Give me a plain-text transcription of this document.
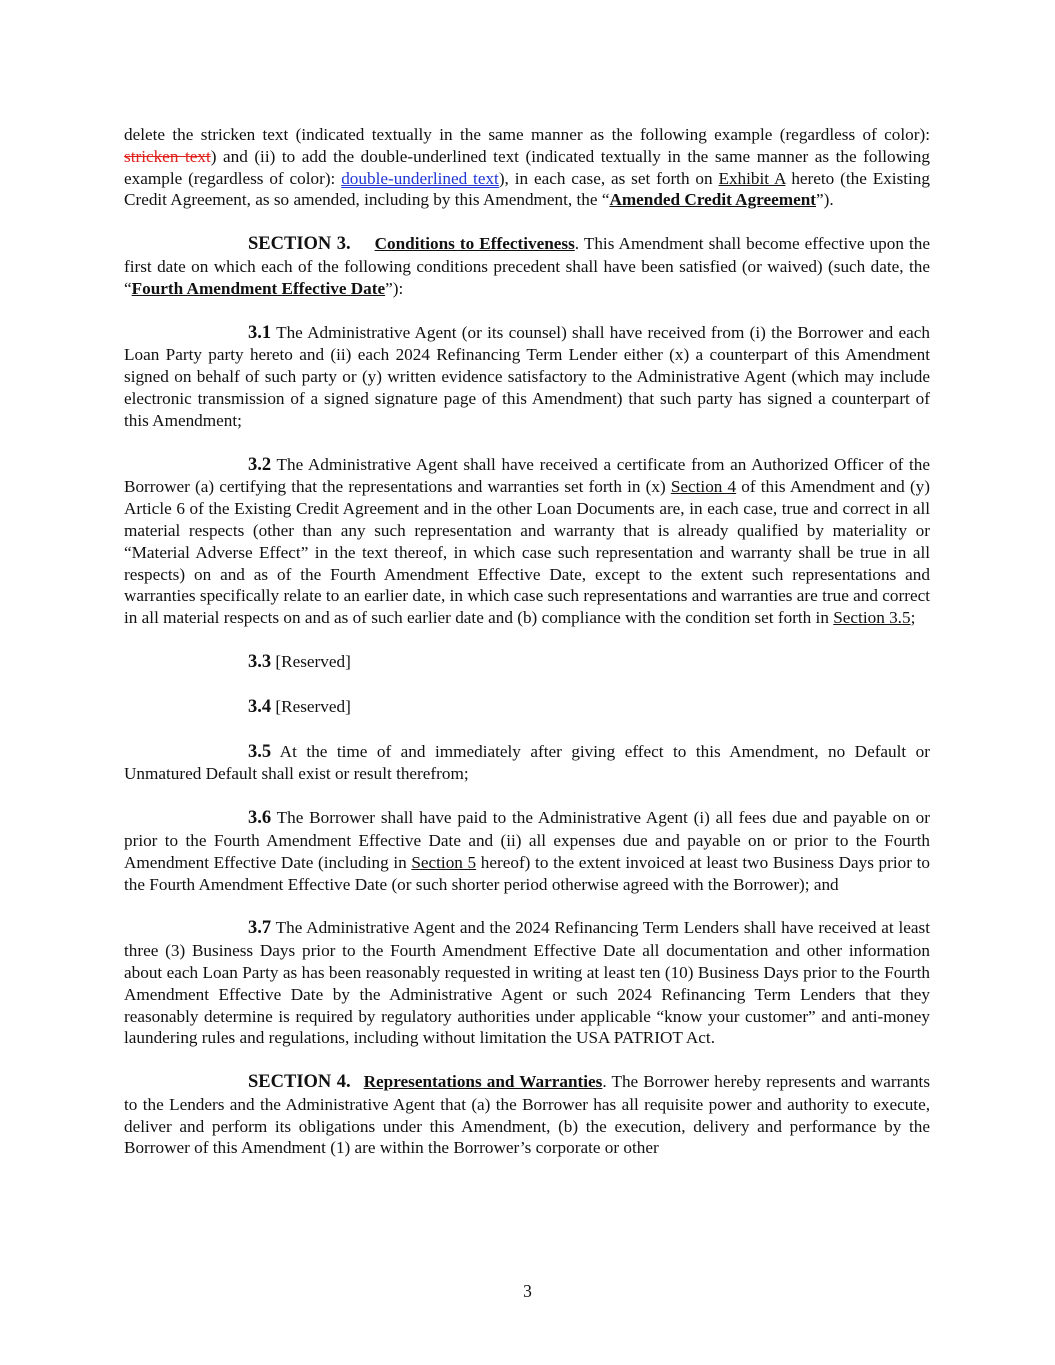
delete the stricken text (indicated textually in the same manner as the following example (regardless of color): stricken text) and (ii) to add the double-underlined text (indicated textually in the same manner as the following example (regardless of color): double-underlined text), in each case, as set forth on Exhibit A hereto (the Existing Credit Agreement, as so amended, including by this Amendment, the “Amended Credit Agreement”).

SECTION 3. Conditions to Effectiveness. This Amendment shall become effective upon the first date on which each of the following conditions precedent shall have been satisfied (or waived) (such date, the “Fourth Amendment Effective Date”):

3.1 The Administrative Agent (or its counsel) shall have received from (i) the Borrower and each Loan Party party hereto and (ii) each 2024 Refinancing Term Lender either (x) a counterpart of this Amendment signed on behalf of such party or (y) written evidence satisfactory to the Administrative Agent (which may include electronic transmission of a signed signature page of this Amendment) that such party has signed a counterpart of this Amendment;

3.2 The Administrative Agent shall have received a certificate from an Authorized Officer of the Borrower (a) certifying that the representations and warranties set forth in (x) Section 4 of this Amendment and (y) Article 6 of the Existing Credit Agreement and in the other Loan Documents are, in each case, true and correct in all material respects (other than any such representation and warranty that is already qualified by materiality or “Material Adverse Effect” in the text thereof, in which case such representation and warranty shall be true in all respects) on and as of the Fourth Amendment Effective Date, except to the extent such representations and warranties specifically relate to an earlier date, in which case such representations and warranties are true and correct in all material respects on and as of such earlier date and (b) compliance with the condition set forth in Section 3.5;

3.3 [Reserved]

3.4 [Reserved]

3.5 At the time of and immediately after giving effect to this Amendment, no Default or Unmatured Default shall exist or result therefrom;

3.6 The Borrower shall have paid to the Administrative Agent (i) all fees due and payable on or prior to the Fourth Amendment Effective Date and (ii) all expenses due and payable on or prior to the Fourth Amendment Effective Date (including in Section 5 hereof) to the extent invoiced at least two Business Days prior to the Fourth Amendment Effective Date (or such shorter period otherwise agreed with the Borrower); and

3.7 The Administrative Agent and the 2024 Refinancing Term Lenders shall have received at least three (3) Business Days prior to the Fourth Amendment Effective Date all documentation and other information about each Loan Party as has been reasonably requested in writing at least ten (10) Business Days prior to the Fourth Amendment Effective Date by the Administrative Agent or such 2024 Refinancing Term Lenders that they reasonably determine is required by regulatory authorities under applicable “know your customer” and anti-money laundering rules and regulations, including without limitation the USA PATRIOT Act.

SECTION 4. Representations and Warranties. The Borrower hereby represents and warrants to the Lenders and the Administrative Agent that (a) the Borrower has all requisite power and authority to execute, deliver and perform its obligations under this Amendment, (b) the execution, delivery and performance by the Borrower of this Amendment (1) are within the Borrower’s corporate or other

3
